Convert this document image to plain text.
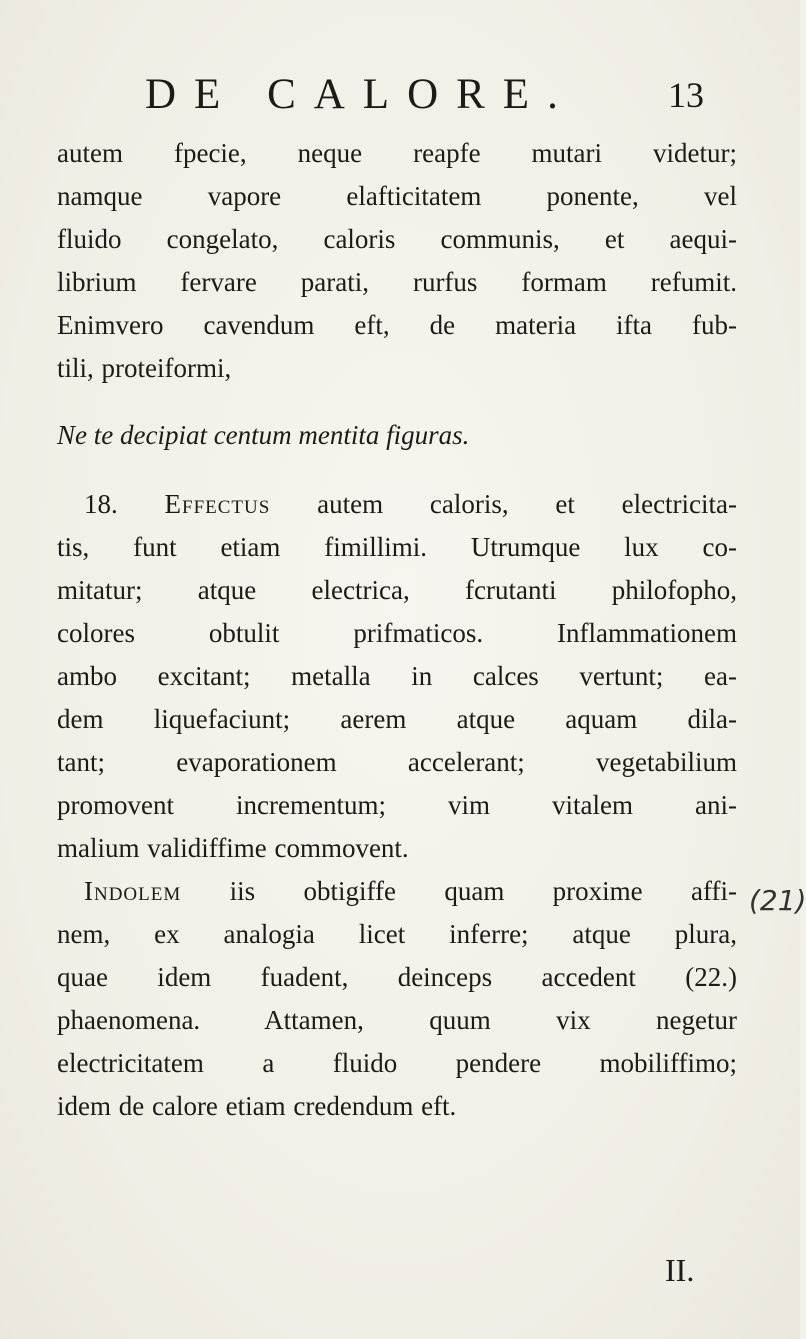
DE CALORE.	13
autem fpecie, neque reapfe mutari videtur;
namque vapore elafticitatem ponente, vel
fluido congelato, caloris communis, et aequi-
librium fervare parati, rurfus formam refumit.
Enimvero cavendum eft, de materia ifta fub-
tili, proteiformi,
Ne te decipiat centum mentita figuras.
18. Effectus autem caloris, et electricita-
tis, funt etiam fimillimi. Utrumque lux co-
mitatur; atque electrica, fcrutanti philofopho,
colores obtulit prifmaticos. Inflammationem
ambo excitant; metalla in calces vertunt; ea-
dem liquefaciunt; aerem atque aquam dila-
tant; evaporationem accelerant; vegetabilium
promovent incrementum; vim vitalem ani-
malium validiffime commovent.
Indolem iis obtigiffe quam proxime affi-
nem, ex analogia licet inferre; atque plura,
quae idem fuadent, deinceps accedent (22.)
phaenomena. Attamen, quum vix negetur
electricitatem a fluido pendere mobiliffimo;
idem de calore etiam credendum eft.
(21)
II.
